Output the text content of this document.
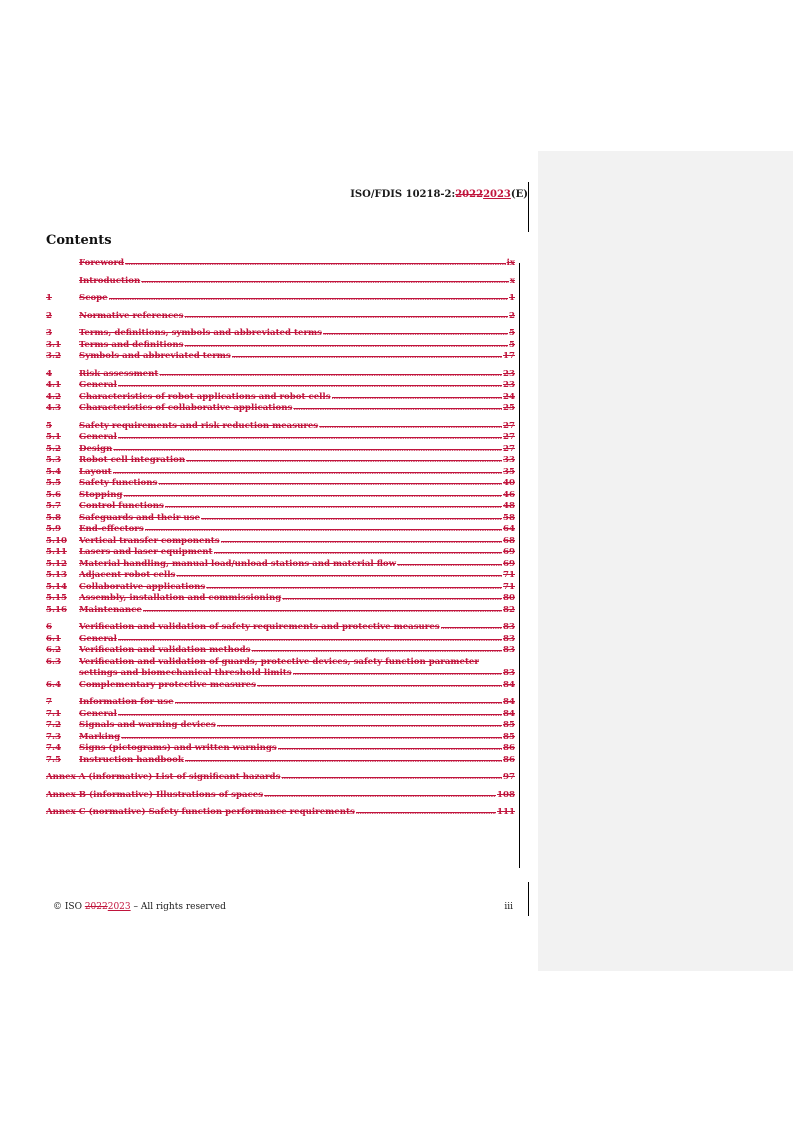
ISO/FDIS 10218-2:20222023(E)
Contents
Foreword .....	ix
Introduction .....	x
1	Scope .....	1
2	Normative references .....	2
3	Terms, definitions, symbols and abbreviated terms .....	5
3.1	Terms and definitions .....	5
3.2	Symbols and abbreviated terms .....	17
4	Risk assessment .....	23
4.1	General .....	23
4.2	Characteristics of robot applications and robot cells .....	24
4.3	Characteristics of collaborative applications .....	25
5	Safety requirements and risk reduction measures .....	27
5.1	General .....	27
5.2	Design .....	27
5.3	Robot cell integration .....	33
5.4	Layout .....	35
5.5	Safety functions .....	40
5.6	Stopping .....	46
5.7	Control functions .....	48
5.8	Safeguards and their use .....	58
5.9	End-effectors .....	64
5.10	Vertical transfer components .....	68
5.11	Lasers and laser equipment .....	69
5.12	Material handling, manual load/unload stations and material flow .....	69
5.13	Adjacent robot cells .....	71
5.14	Collaborative applications .....	71
5.15	Assembly, installation and commissioning .....	80
5.16	Maintenance .....	82
6	Verification and validation of safety requirements and protective measures .....	83
6.1	General .....	83
6.2	Verification and validation methods .....	83
6.3	Verification and validation of guards, protective devices, safety function parameter
settings and biomechanical threshold limits .....	83
6.4	Complementary protective measures .....	84
7	Information for use .....	84
7.1	General .....	84
7.2	Signals and warning devices .....	85
7.3	Marking .....	85
7.4	Signs (pictograms) and written warnings .....	86
7.5	Instruction handbook .....	86
Annex A (informative) List of significant hazards .....	97
Annex B (informative) Illustrations of spaces .....	108
Annex C (normative) Safety function performance requirements .....	111
© ISO 20222023 – All rights reserved	iii
